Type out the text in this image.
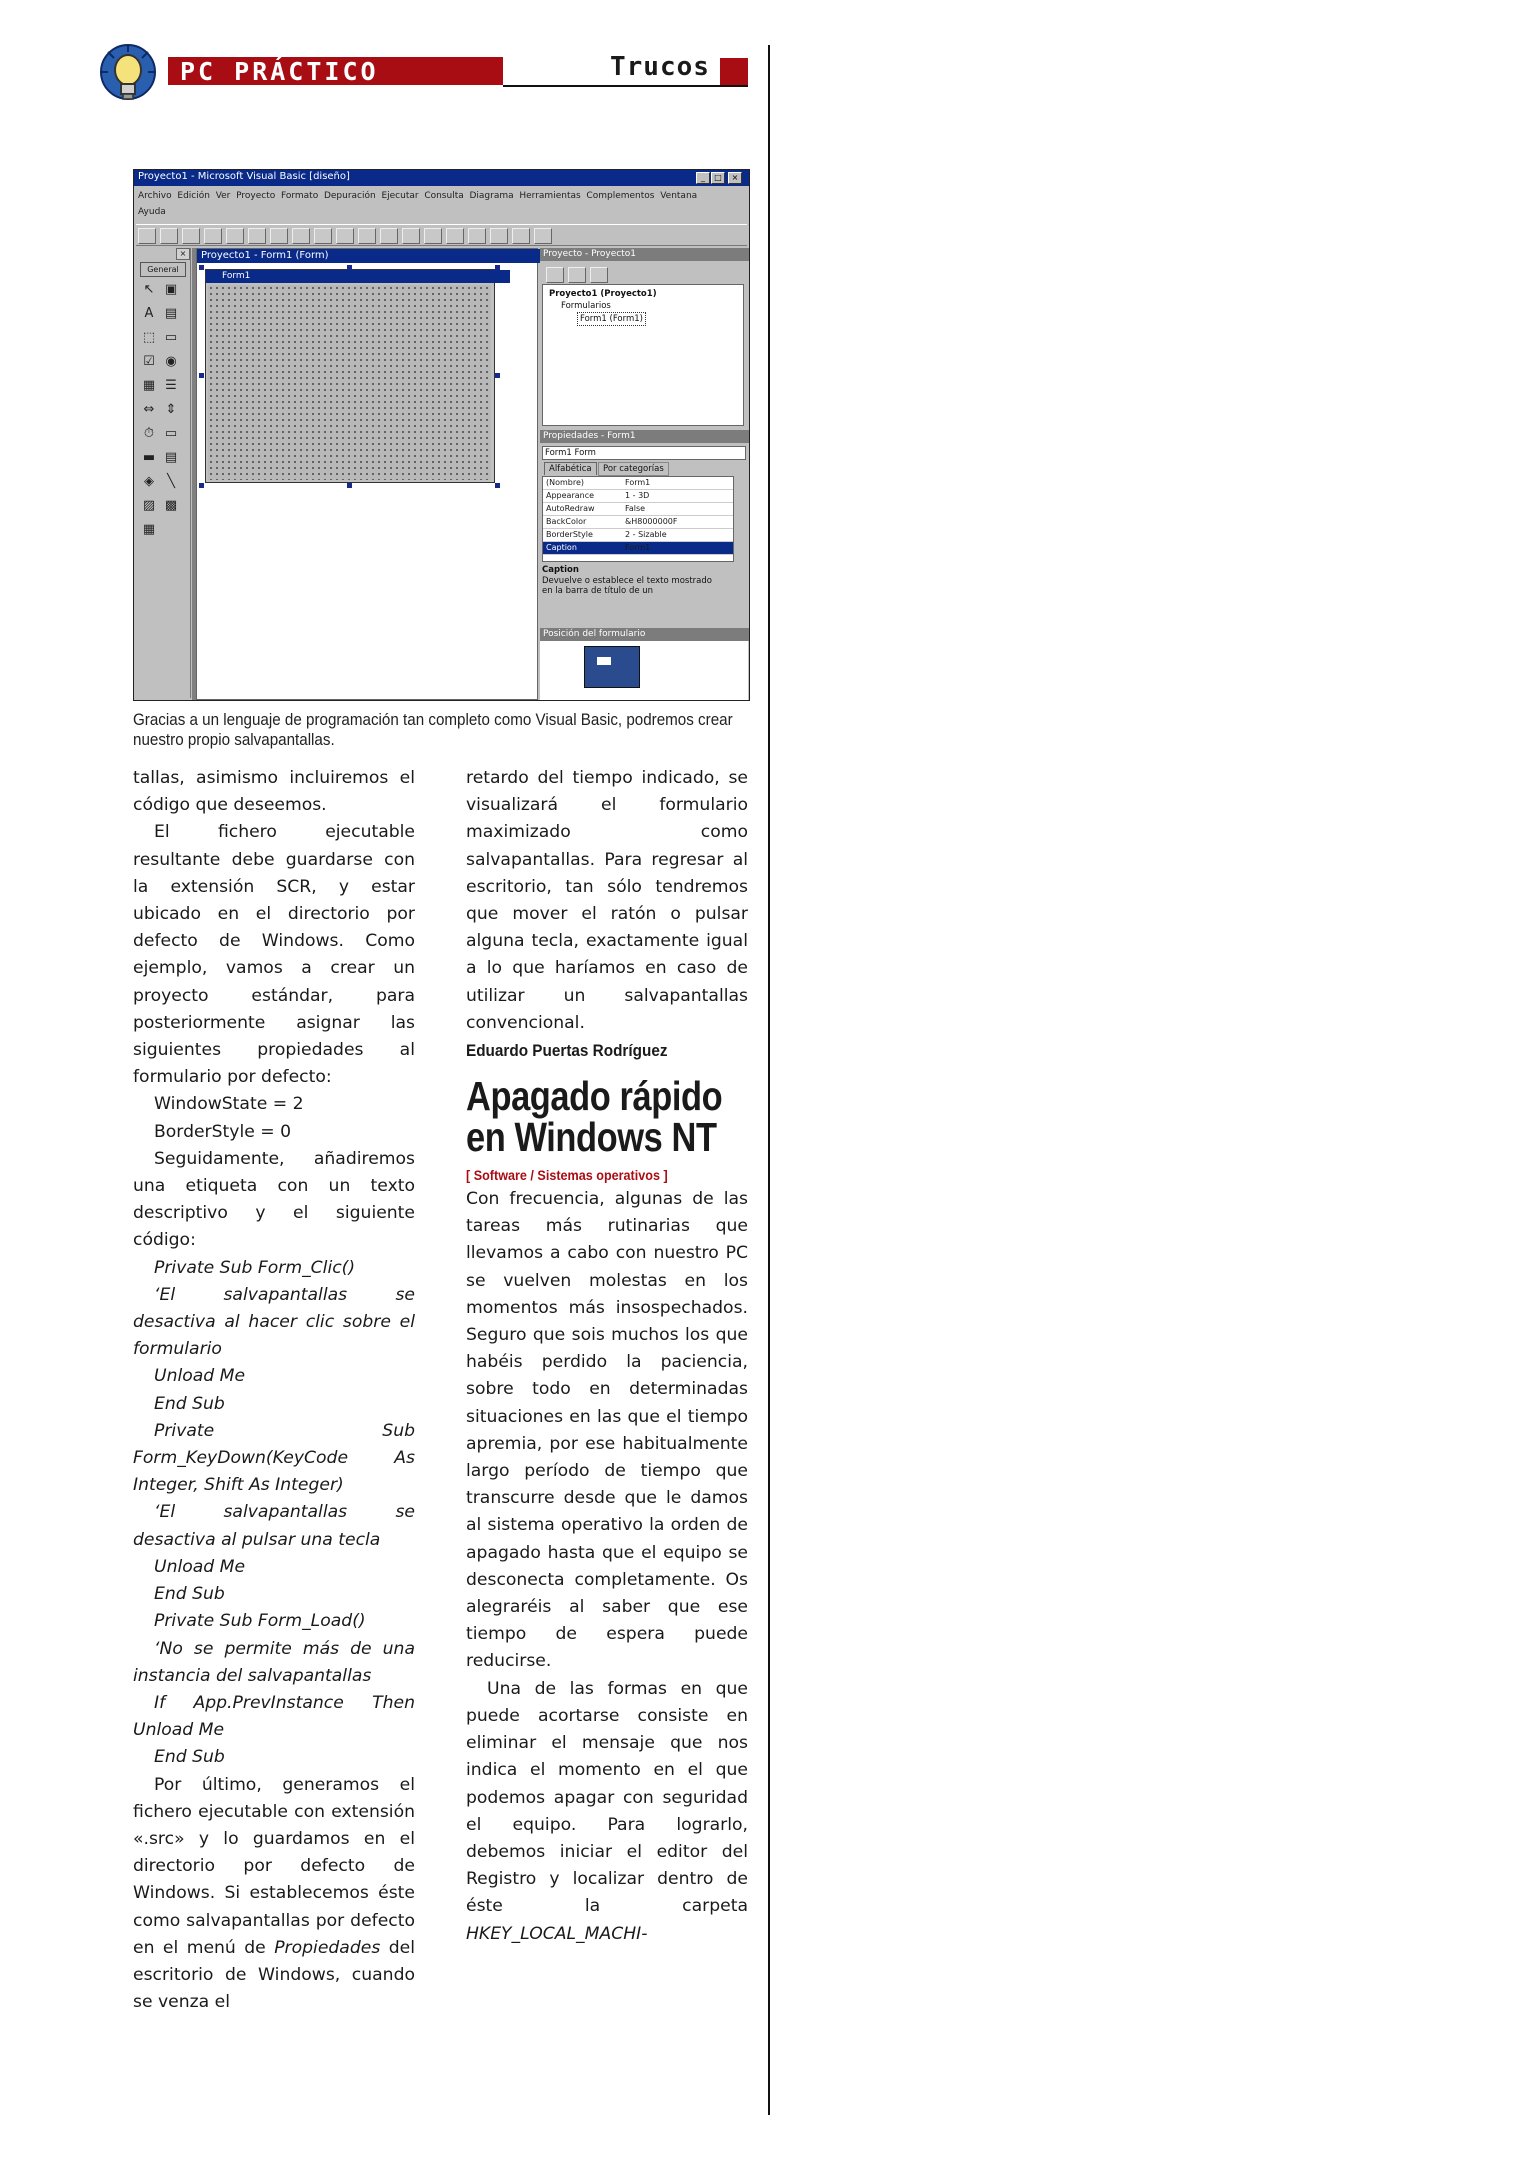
PC PRÁCTICO	Trucos
Proyecto1 - Microsoft Visual Basic [diseño]	_	□	×
Archivo Edición Ver Proyecto Formato Depuración Ejecutar Consulta Diagrama Herramientas Complementos Ventana
Ayuda
×
General
↖ ▣
A ▤
⬚ ▭
☑ ◉
▦ ☰
⇔ ⇕
⏱ ▭
▬ ▤
◈	╲
▨ ▩
▦
Proyecto1 - Form1 (Form)
Form1
Proyecto - Proyecto1
Proyecto1 (Proyecto1)
Formularios
Form1 (Form1)
Propiedades - Form1
Form1 Form
Alfabética	Por categorías
(Nombre)	Form1
Appearance	1 - 3D
AutoRedraw	False
BackColor	&H8000000F
BorderStyle	2 - Sizable
Caption	Form1
Caption
Devuelve o establece el texto mostrado en la barra de título de un
Posición del formulario
Gracias a un lenguaje de programación tan completo como Visual Basic, podremos crear nuestro propio salvapantallas.

tallas, asimismo incluiremos el código que deseemos.

El fichero ejecutable resultante debe guardarse con la extensión SCR, y estar ubicado en el directorio por defecto de Windows. Como ejemplo, vamos a crear un proyecto estándar, para posteriormente asignar las siguientes propiedades al formulario por defecto:

WindowState = 2

BorderStyle = 0

Seguidamente, añadiremos una etiqueta con un texto descriptivo y el siguiente código:

Private Sub Form_Clic()

‘El salvapantallas se desactiva al hacer clic sobre el formulario

Unload Me

End Sub

Private Sub Form_KeyDown(KeyCode As Integer, Shift As Integer)

‘El salvapantallas se desactiva al pulsar una tecla

Unload Me

End Sub

Private Sub Form_Load()

‘No se permite más de una instancia del salvapantallas

If App.PrevInstance Then Unload Me

End Sub

Por último, generamos el fichero ejecutable con extensión «.src» y lo guardamos en el directorio por defecto de Windows. Si establecemos éste como salvapantallas por defecto en el menú de Propiedades del escritorio de Windows, cuando se venza el

retardo del tiempo indicado, se visualizará el formulario maximizado como salvapantallas. Para regresar al escritorio, tan sólo tendremos que mover el ratón o pulsar alguna tecla, exactamente igual a lo que haríamos en caso de utilizar un salvapantallas convencional.

Eduardo Puertas Rodríguez
Apagado rápido
en Windows NT
[ Software / Sistemas operativos ]

Con frecuencia, algunas de las tareas más rutinarias que llevamos a cabo con nuestro PC se vuelven molestas en los momentos más insospechados. Seguro que sois muchos los que habéis perdido la paciencia, sobre todo en determinadas situaciones en las que el tiempo apremia, por ese habitualmente largo período de tiempo que transcurre desde que le damos al sistema operativo la orden de apagado hasta que el equipo se desconecta completamente. Os alegraréis al saber que ese tiempo de espera puede reducirse.

Una de las formas en que puede acortarse consiste en eliminar el mensaje que nos indica el momento en el que podemos apagar con seguridad el equipo. Para lograrlo, debemos iniciar el editor del Registro y localizar dentro de éste la carpeta HKEY_LOCAL_MACHI-
